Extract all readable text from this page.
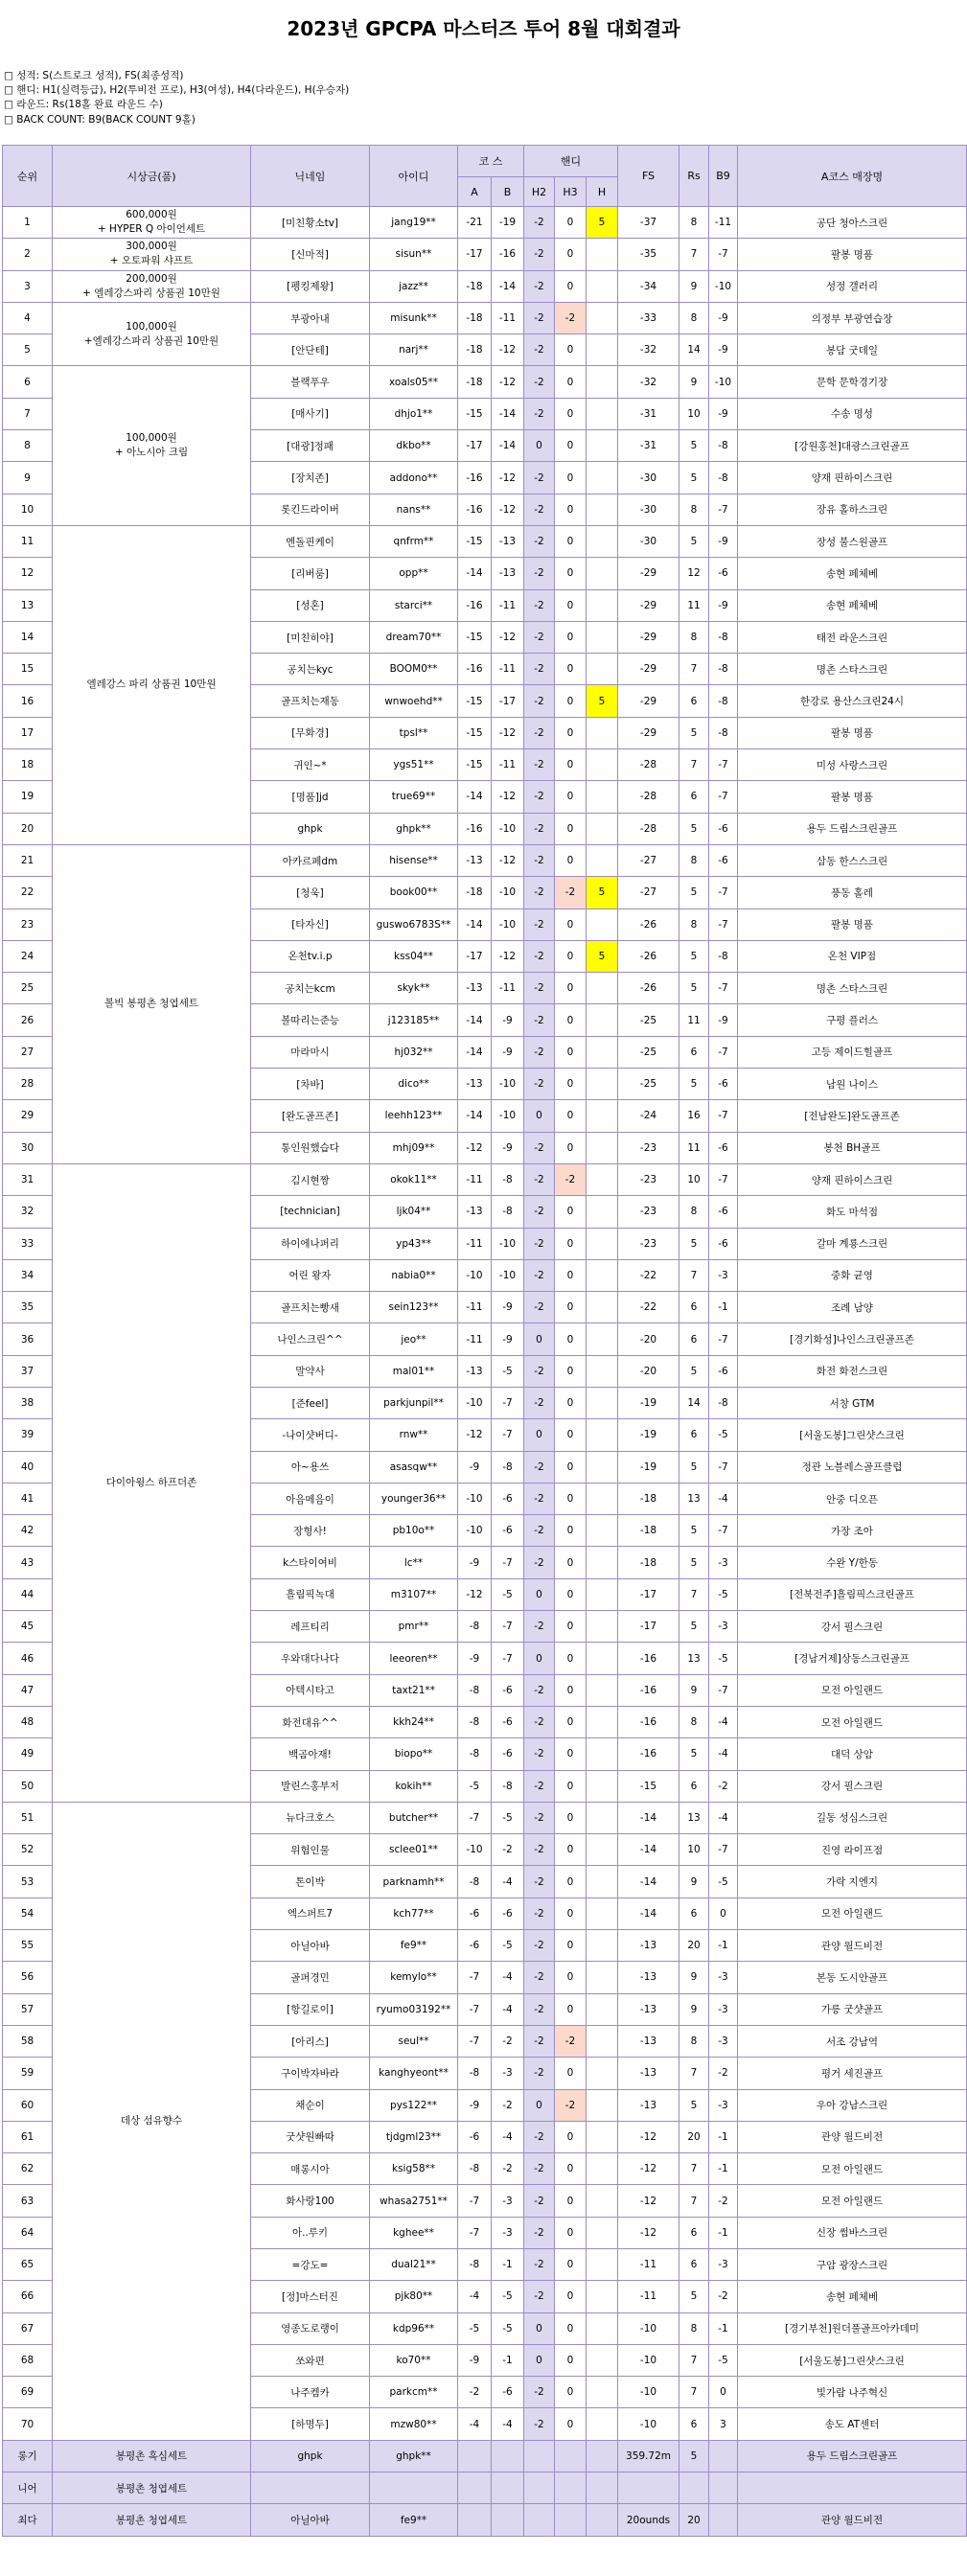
2023년 GPCPA 마스터즈 투어 8월 대회결과
□ 성적: S(스트로크 성적), FS(최종성적)
□ 핸디: H1(실력등급), H2(투비전 프로), H3(여성), H4(다라운드), H(우승자)
□ 라운드: Rs(18홀 완료 라운드 수)
□ BACK COUNT: B9(BACK COUNT 9홀)
순위	시상금(품)	닉네임	아이디	코 스		핸디			FS	Rs	B9	A코스 매장명
				A	B	H2	H3	H				
1	600,000원
+ HYPER Q 아이언세트	[미친황소tv]	jang19**	-21	-19	-2	0	5	-37	8	-11	공단 청아스크린
2	300,000원
+ 오토파워 샤프트	[신마적]	sisun**	-17	-16	-2	0		-35	7	-7	팔봉 명품
3	200,000원
+ 엘레강스파리 상품권 10만원	[펭킹제왕]	jazz**	-18	-14	-2	0		-34	9	-10	성정 갤러리
4	100,000원
+엘레강스파리 상품권 10만원	부광아내	misunk**	-18	-11	-2	-2		-33	8	-9	의정부 부광연습장
5		[안단테]	narj**	-18	-12	-2	0		-32	14	-9	봉담 굿데일
6	100,000원
+ 아노시아 크림	블랙푸우	xoals05**	-18	-12	-2	0		-32	9	-10	문학 문학경기장
7		[매사기]	dhjo1**	-15	-14	-2	0		-31	10	-9	수송 명성
8		[대광]정패	dkbo**	-17	-14	0	0		-31	5	-8	[강원홍천]대광스크린골프
9		[장치존]	addono**	-16	-12	-2	0		-30	5	-8	양재 핀하이스크린
10		롯킨드라이버	nans**	-16	-12	-2	0		-30	8	-7	장유 홀하스크린
11	엘레강스 파리 상품권 10만원	엔돌핀케이	qnfrm**	-15	-13	-2	0		-30	5	-9	장성 불스원골프
12		[리버룸]	opp**	-14	-13	-2	0		-29	12	-6	송현 페체베
13		[성혼]	starci**	-16	-11	-2	0		-29	11	-9	송현 페체베
14		[미친히야]	dream70**	-15	-12	-2	0		-29	8	-8	태전 라운스크린
15		공치는kyc	BOOM0**	-16	-11	-2	0		-29	7	-8	명촌 스타스크린
16		골프치는재동	wnwoehd**	-15	-17	-2	0	5	-29	6	-8	한강로 용산스크린24시
17		[무화경]	tpsl**	-15	-12	-2	0		-29	5	-8	팔봉 명품
18		귀인~*	ygs51**	-15	-11	-2	0		-28	7	-7	미성 사랑스크린
19		[명품]jd	true69**	-14	-12	-2	0		-28	6	-7	팔봉 명품
20		ghpk	ghpk**	-16	-10	-2	0		-28	5	-6	용두 드림스크린골프
21	볼빅 봉평촌 청엽세트	아카르페dm	hisense**	-13	-12	-2	0		-27	8	-6	삼동 한스스크린
22		[청욱]	book00**	-18	-10	-2	-2	5	-27	5	-7	풍동 홀레
23		[타자신]	guswo6783S**	-14	-10	-2	0		-26	8	-7	팔봉 명품
24		온천tv.i.p	kss04**	-17	-12	-2	0	5	-26	5	-8	온천 VIP점
25		공치는kcm	skyk**	-13	-11	-2	0		-26	5	-7	명촌 스타스크린
26		볼따리는준능	j123185**	-14	-9	-2	0		-25	11	-9	구평 플러스
27		마라마시	hj032**	-14	-9	-2	0		-25	6	-7	고등 제이드힐골프
28		[차바]	dico**	-13	-10	-2	0		-25	5	-6	남원 나이스
29		[완도골프존]	leehh123**	-14	-10	0	0		-24	16	-7	[전남완도]완도골프존
30		통인원했습다	mhj09**	-12	-9	-2	0		-23	11	-6	봉천 BH골프
31	다이아윙스 하프더존	김시현짱	okok11**	-11	-8	-2	-2		-23	10	-7	양재 핀하이스크린
32		[technician]	ljk04**	-13	-8	-2	0		-23	8	-6	화도 마석점
33		하이에나퍼리	yp43**	-11	-10	-2	0		-23	5	-6	갈마 계룡스크린
34		어린 왕자	nabia0**	-10	-10	-2	0		-22	7	-3	중화 균영
35		골프치는빵새	sein123**	-11	-9	-2	0		-22	6	-1	조례 남양
36		나인스크린^^	jeo**	-11	-9	0	0		-20	6	-7	[경기화성]나인스크린골프존
37		말약사	mal01**	-13	-5	-2	0		-20	5	-6	화전 화전스크린
38		[준feel]	parkjunpil**	-10	-7	-2	0		-19	14	-8	서창 GTM
39		-나이샷버디-	rnw**	-12	-7	0	0		-19	6	-5	[서울도봉]그린샷스크린
40		아~용쓰	asasqw**	-9	-8	-2	0		-19	5	-7	정관 노블레스골프클럽
41		아음메음이	younger36**	-10	-6	-2	0		-18	13	-4	안중 디오픈
42		장형사!	pb10o**	-10	-6	-2	0		-18	5	-7	가장 조아
43		k스타이여비	lc**	-9	-7	-2	0		-18	5	-3	수완 Y/한동
44		흘림픽녹대	m3107**	-12	-5	0	0		-17	7	-5	[전북전주]흘림픽스크린골프
45		레프티리	pmr**	-8	-7	-2	0		-17	5	-3	강서 필스크린
46		우와대다나다	leeoren**	-9	-7	0	0		-16	13	-5	[경남거제]상동스크린골프
47		아텍시타고	taxt21**	-8	-6	-2	0		-16	9	-7	모전 아일랜드
48		화전대유^^	kkh24**	-8	-6	-2	0		-16	8	-4	모전 아일랜드
49		백곰아재!	biopo**	-8	-6	-2	0		-16	5	-4	대덕 상암
50		발린스홍부저	kokih**	-5	-8	-2	0		-15	6	-2	강서 필스크린
51	데상 섬유향수	뉴다크호스	butcher**	-7	-5	-2	0		-14	13	-4	길동 성심스크린
52		위험인물	sclee01**	-10	-2	-2	0		-14	10	-7	진영 라이프점
53		톤이박	parknamh**	-8	-4	-2	0		-14	9	-5	가락 지엔지
54		엑스퍼트7	kch77**	-6	-6	-2	0		-14	6	0	모전 아일랜드
55		아닐아바	fe9**	-6	-5	-2	0		-13	20	-1	관양 월드비전
56		골퍼경민	kemylo**	-7	-4	-2	0		-13	9	-3	본동 도시안골프
57		[항길로이]	ryumo03192**	-7	-4	-2	0		-13	9	-3	가릉 굿샷골프
58		[아리스]	seul**	-7	-2	-2	-2		-13	8	-3	서조 강남역
59		구이박자바라	kanghyeont**	-8	-3	-2	0		-13	7	-2	평거 세진골프
60		채순이	pys122**	-9	-2	0	-2		-13	5	-3	우아 강남스크린
61		굿샷원빠따	tjdgml23**	-6	-4	-2	0		-12	20	-1	관양 월드비전
62		매롱시아	ksig58**	-8	-2	-2	0		-12	7	-1	모전 아일랜드
63		화사랑100	whasa2751**	-7	-3	-2	0		-12	7	-2	모전 아일랜드
64		아..루키	kghee**	-7	-3	-2	0		-12	6	-1	신장 썸바스크린
65		=강도=	dual21**	-8	-1	-2	0		-11	6	-3	구암 광장스크린
66		[정]마스터진	pjk80**	-4	-5	-2	0		-11	5	-2	송현 페체베
67		영종도로랭이	kdp96**	-5	-5	0	0		-10	8	-1	[경기부천]원더풀골프아카데미
68		쏘와편	ko70**	-9	-1	0	0		-10	7	-5	[서울도봉]그린샷스크린
69		나주켐카	parkcm**	-2	-6	-2	0		-10	7	0	빛가람 나주혁신
70		[하명두]	mzw80**	-4	-4	-2	0		-10	6	3	송도 AT센터
롱기	봉평촌 흑심세트	ghpk	ghpk**						359.72m	5		용두 드림스크린골프
니어	봉평촌 청엽세트											
최다	봉평촌 청엽세트	아닐아바	fe9**						20ounds	20		관양 월드비전
